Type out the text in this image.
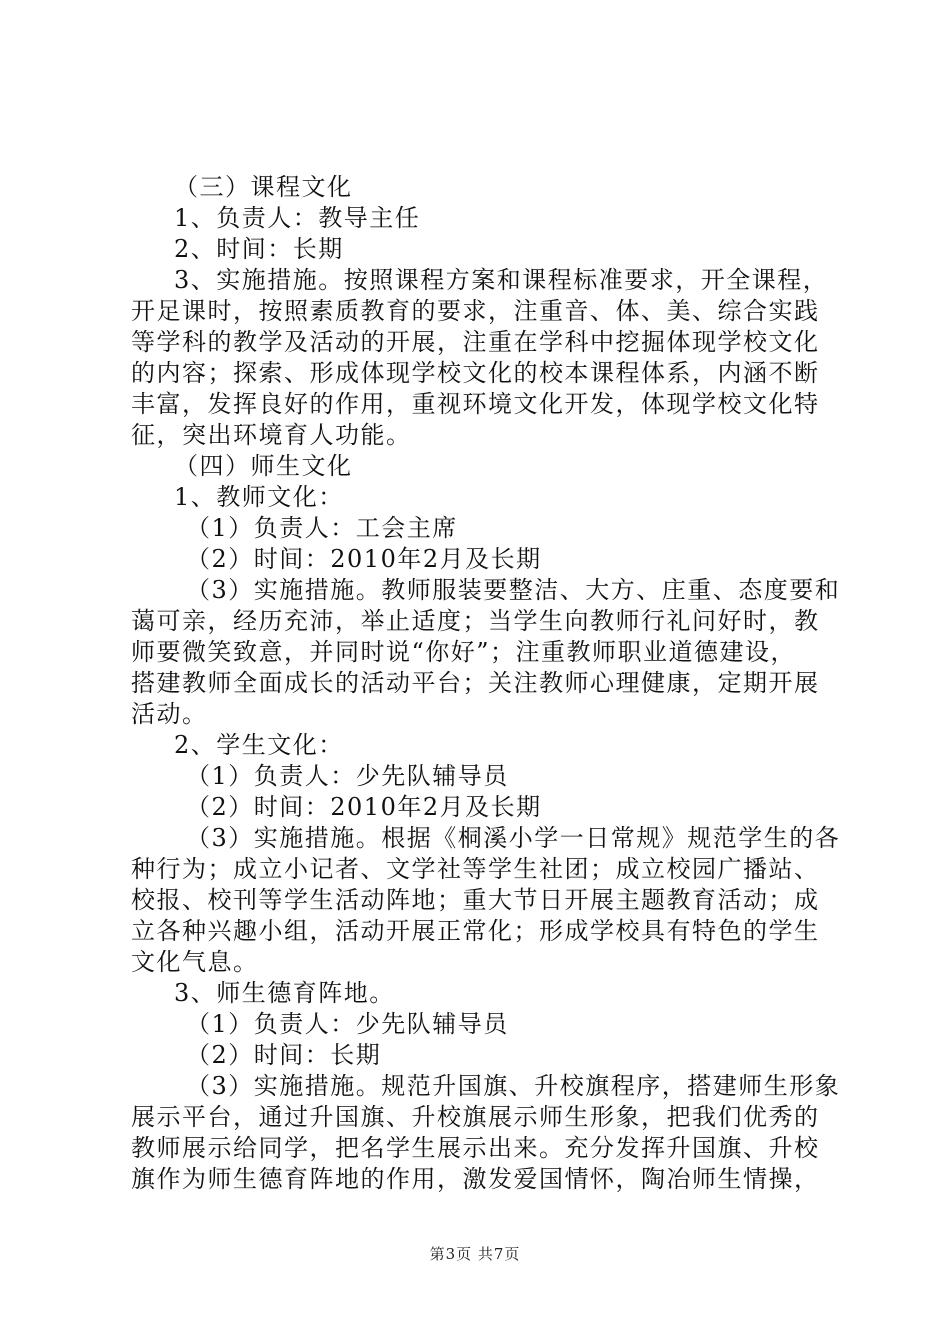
（三）课程文化
1、负责人：教导主任
2、时间：长期
3、实施措施。按照课程方案和课程标准要求，开全课程，
开足课时，按照素质教育的要求，注重音、体、美、综合实践
等学科的教学及活动的开展，注重在学科中挖掘体现学校文化
的内容；探索、形成体现学校文化的校本课程体系，内涵不断
丰富，发挥良好的作用，重视环境文化开发，体现学校文化特
征，突出环境育人功能。
（四）师生文化
1、教师文化：
（1）负责人：工会主席
（2）时间：2010年2月及长期
（3）实施措施。教师服装要整洁、大方、庄重、态度要和
蔼可亲，经历充沛，举止适度；当学生向教师行礼问好时，教
师要微笑致意，并同时说“你好”；注重教师职业道德建设，
搭建教师全面成长的活动平台；关注教师心理健康，定期开展
活动。
2、学生文化：
（1）负责人：少先队辅导员
（2）时间：2010年2月及长期
（3）实施措施。根据《桐溪小学一日常规》规范学生的各
种行为；成立小记者、文学社等学生社团；成立校园广播站、
校报、校刊等学生活动阵地；重大节日开展主题教育活动；成
立各种兴趣小组，活动开展正常化；形成学校具有特色的学生
文化气息。
3、师生德育阵地。
（1）负责人：少先队辅导员
（2）时间：长期
（3）实施措施。规范升国旗、升校旗程序，搭建师生形象
展示平台，通过升国旗、升校旗展示师生形象，把我们优秀的
教师展示给同学，把名学生展示出来。充分发挥升国旗、升校
旗作为师生德育阵地的作用，激发爱国情怀，陶冶师生情操，
第3页 共7页
